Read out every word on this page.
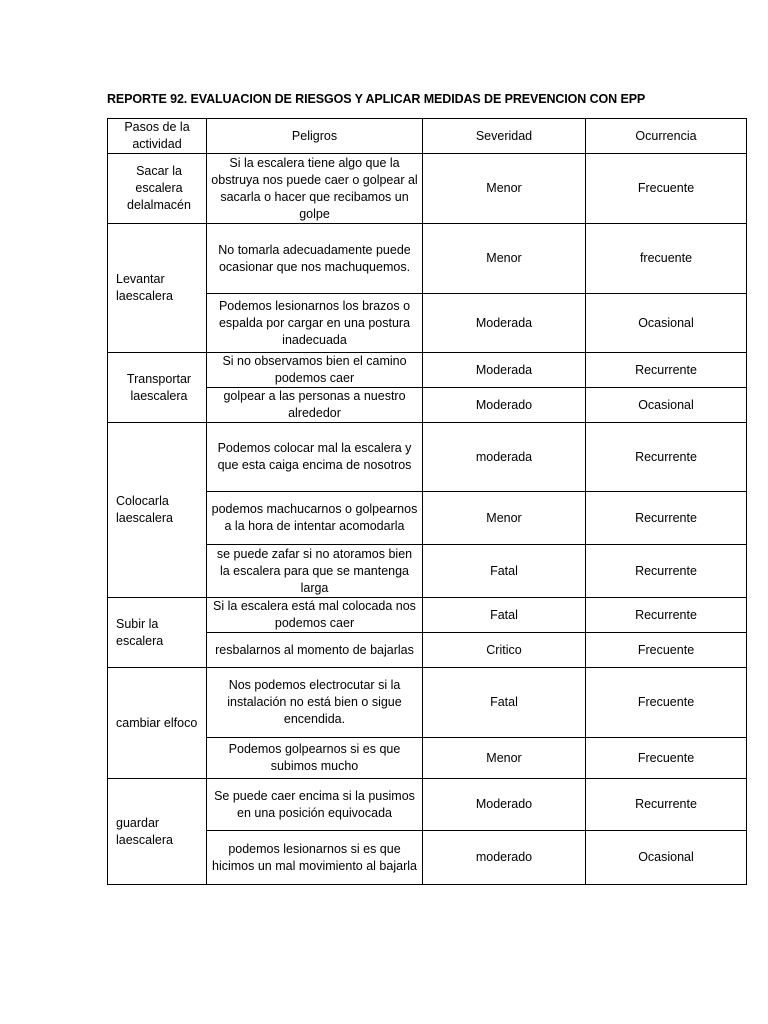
REPORTE 92. EVALUACION DE RIESGOS Y APLICAR MEDIDAS DE PREVENCION CON EPP
Pasos de la actividad	Peligros	Severidad	Ocurrencia
Sacar la escalera delalmacén	Si la escalera tiene algo que la obstruya nos puede caer o golpear al sacarla o hacer que recibamos un golpe	Menor	Frecuente
Levantar laescalera	No tomarla adecuadamente puede ocasionar que nos machuquemos.	Menor	frecuente
	Podemos lesionarnos los brazos o espalda por cargar en una postura inadecuada	Moderada	Ocasional
Transportar laescalera	Si no observamos bien el camino podemos caer	Moderada	Recurrente
	golpear a las personas a nuestro alrededor	Moderado	Ocasional
Colocarla laescalera	Podemos colocar mal la escalera y que esta caiga encima de nosotros	moderada	Recurrente
	podemos machucarnos o golpearnos a la hora de intentar acomodarla	Menor	Recurrente
	se puede zafar si no atoramos bien la escalera para que se mantenga larga	Fatal	Recurrente
Subir la escalera	Si la escalera está mal colocada nos podemos caer	Fatal	Recurrente
	resbalarnos al momento de bajarlas	Critico	Frecuente
cambiar elfoco	Nos podemos electrocutar si la instalación no está bien o sigue encendida.	Fatal	Frecuente
	Podemos golpearnos si es que subimos mucho	Menor	Frecuente
guardar laescalera	Se puede caer encima si la pusimos en una posición equivocada	Moderado	Recurrente
	podemos lesionarnos si es que hicimos un mal movimiento al bajarla	moderado	Ocasional
